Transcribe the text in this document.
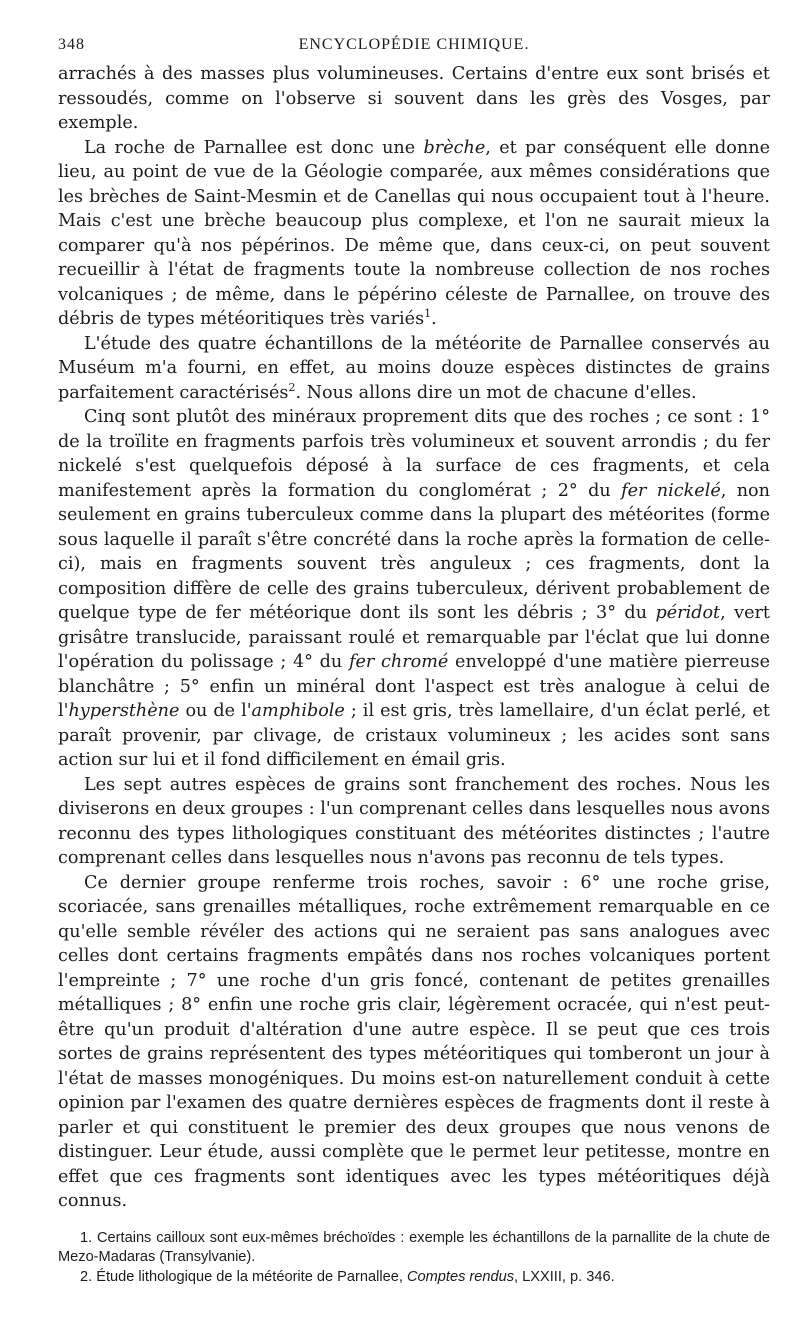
348	ENCYCLOPÉDIE CHIMIQUE.

arrachés à des masses plus volumineuses. Certains d'entre eux sont brisés et ressoudés, comme on l'observe si souvent dans les grès des Vosges, par exemple.

La roche de Parnallee est donc une brèche, et par conséquent elle donne lieu, au point de vue de la Géologie comparée, aux mêmes considérations que les brèches de Saint-Mesmin et de Canellas qui nous occupaient tout à l'heure. Mais c'est une brèche beaucoup plus complexe, et l'on ne saurait mieux la comparer qu'à nos pépérinos. De même que, dans ceux-ci, on peut souvent recueillir à l'état de fragments toute la nombreuse collection de nos roches volcaniques ; de même, dans le pépérino céleste de Parnallee, on trouve des débris de types météoritiques très variés$^1$.

L'étude des quatre échantillons de la météorite de Parnallee conservés au Muséum m'a fourni, en effet, au moins douze espèces distinctes de grains parfaitement caractérisés$^2$. Nous allons dire un mot de chacune d'elles.

Cinq sont plutôt des minéraux proprement dits que des roches ; ce sont : 1° de la troïlite en fragments parfois très volumineux et souvent arrondis ; du fer nickelé s'est quelquefois déposé à la surface de ces fragments, et cela manifestement après la formation du conglomérat ; 2° du fer nickelé, non seulement en grains tuberculeux comme dans la plupart des météorites (forme sous laquelle il paraît s'être concrété dans la roche après la formation de celle-ci), mais en fragments souvent très anguleux ; ces fragments, dont la composition diffère de celle des grains tuberculeux, dérivent probablement de quelque type de fer météorique dont ils sont les débris ; 3° du péridot, vert grisâtre translucide, paraissant roulé et remarquable par l'éclat que lui donne l'opération du polissage ; 4° du fer chromé enveloppé d'une matière pierreuse blanchâtre ; 5° enfin un minéral dont l'aspect est très analogue à celui de l'hypersthène ou de l'amphibole ; il est gris, très lamellaire, d'un éclat perlé, et paraît provenir, par clivage, de cristaux volumineux ; les acides sont sans action sur lui et il fond difficilement en émail gris.

Les sept autres espèces de grains sont franchement des roches. Nous les diviserons en deux groupes : l'un comprenant celles dans lesquelles nous avons reconnu des types lithologiques constituant des météorites distinctes ; l'autre comprenant celles dans lesquelles nous n'avons pas reconnu de tels types.

Ce dernier groupe renferme trois roches, savoir : 6° une roche grise, scoriacée, sans grenailles métalliques, roche extrêmement remarquable en ce qu'elle semble révéler des actions qui ne seraient pas sans analogues avec celles dont certains fragments empâtés dans nos roches volcaniques portent l'empreinte ; 7° une roche d'un gris foncé, contenant de petites grenailles métalliques ; 8° enfin une roche gris clair, légèrement ocracée, qui n'est peut-être qu'un produit d'altération d'une autre espèce. Il se peut que ces trois sortes de grains représentent des types météoritiques qui tomberont un jour à l'état de masses monogéniques. Du moins est-on naturellement conduit à cette opinion par l'examen des quatre dernières espèces de fragments dont il reste à parler et qui constituent le premier des deux groupes que nous venons de distinguer. Leur étude, aussi complète que le permet leur petitesse, montre en effet que ces fragments sont identiques avec les types météoritiques déjà connus.

1. Certains cailloux sont eux-mêmes bréchoïdes : exemple les échantillons de la parnallite de la chute de Mezo-Madaras (Transylvanie).

2. Étude lithologique de la météorite de Parnallee, Comptes rendus, LXXIII, p. 346.
